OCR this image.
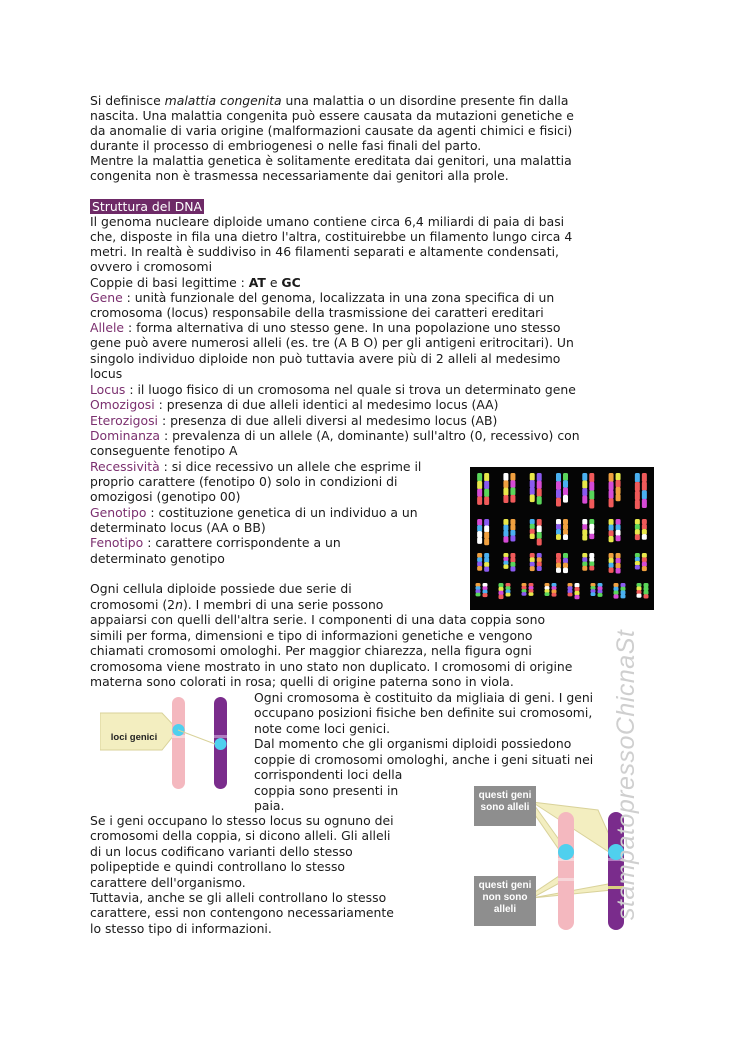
Si definisce malattia congenita una malattia o un disordine presente fin dalla
nascita. Una malattia congenita può essere causata da mutazioni genetiche e
da anomalie di varia origine (malformazioni causate da agenti chimici e fisici)
durante il processo di embriogenesi o nelle fasi finali del parto.
Mentre la malattia genetica è solitamente ereditata dai genitori, una malattia
congenita non è trasmessa necessariamente dai genitori alla prole.
Struttura del DNA
Il genoma nucleare diploide umano contiene circa 6,4 miliardi di paia di basi
che, disposte in fila una dietro l'altra, costituirebbe un filamento lungo circa 4
metri. In realtà è suddiviso in 46 filamenti separati e altamente condensati,
ovvero i cromosomi
Coppie di basi legittime : AT e GC
Gene : unità funzionale del genoma, localizzata in una zona specifica di un
cromosoma (locus) responsabile della trasmissione dei caratteri ereditari
Allele : forma alternativa di uno stesso gene. In una popolazione uno stesso
gene può avere numerosi alleli (es. tre (A B O) per gli antigeni eritrocitari). Un
singolo individuo diploide non può tuttavia avere più di 2 alleli al medesimo
locus
Locus : il luogo fisico di un cromosoma nel quale si trova un determinato gene
Omozigosi : presenza di due alleli identici al medesimo locus (AA)
Eterozigosi : presenza di due alleli diversi al medesimo locus (AB)
Dominanza : prevalenza di un allele (A, dominante) sull'altro (0, recessivo) con
conseguente fenotipo A
Recessività : si dice recessivo un allele che esprime il
proprio carattere (fenotipo 0) solo in condizioni di
omozigosi (genotipo 00)
Genotipo : costituzione genetica di un individuo a un
determinato locus (AA o BB)
Fenotipo : carattere corrispondente a un
determinato genotipo
Ogni cellula diploide possiede due serie di
cromosomi (2n). I membri di una serie possono
appaiarsi con quelli dell'altra serie. I componenti di una data coppia sono
simili per forma, dimensioni e tipo di informazioni genetiche e vengono
chiamati cromosomi omologhi. Per maggior chiarezza, nella figura ogni
cromosoma viene mostrato in uno stato non duplicato. I cromosomi di origine
materna sono colorati in rosa; quelli di origine paterna sono in viola.
loci genici
Ogni cromosoma è costituito da migliaia di geni. I geni
occupano posizioni fisiche ben definite sui cromosomi,
note come loci genici.
Dal momento che gli organismi diploidi possiedono
coppie di cromosomi omologhi, anche i geni situati nei
corrispondenti loci della
coppia sono presenti in
paia.
Se i geni occupano lo stesso locus su ognuno dei
cromosomi della coppia, si dicono alleli. Gli alleli
di un locus codificano varianti dello stesso
polipeptide e quindi controllano lo stesso
carattere dell'organismo.
Tuttavia, anche se gli alleli controllano lo stesso
carattere, essi non contengono necessariamente
lo stesso tipo di informazioni.
questi geni
sono alleli
questi geni
non sono
alleli	stampatopressoChicnaSt
